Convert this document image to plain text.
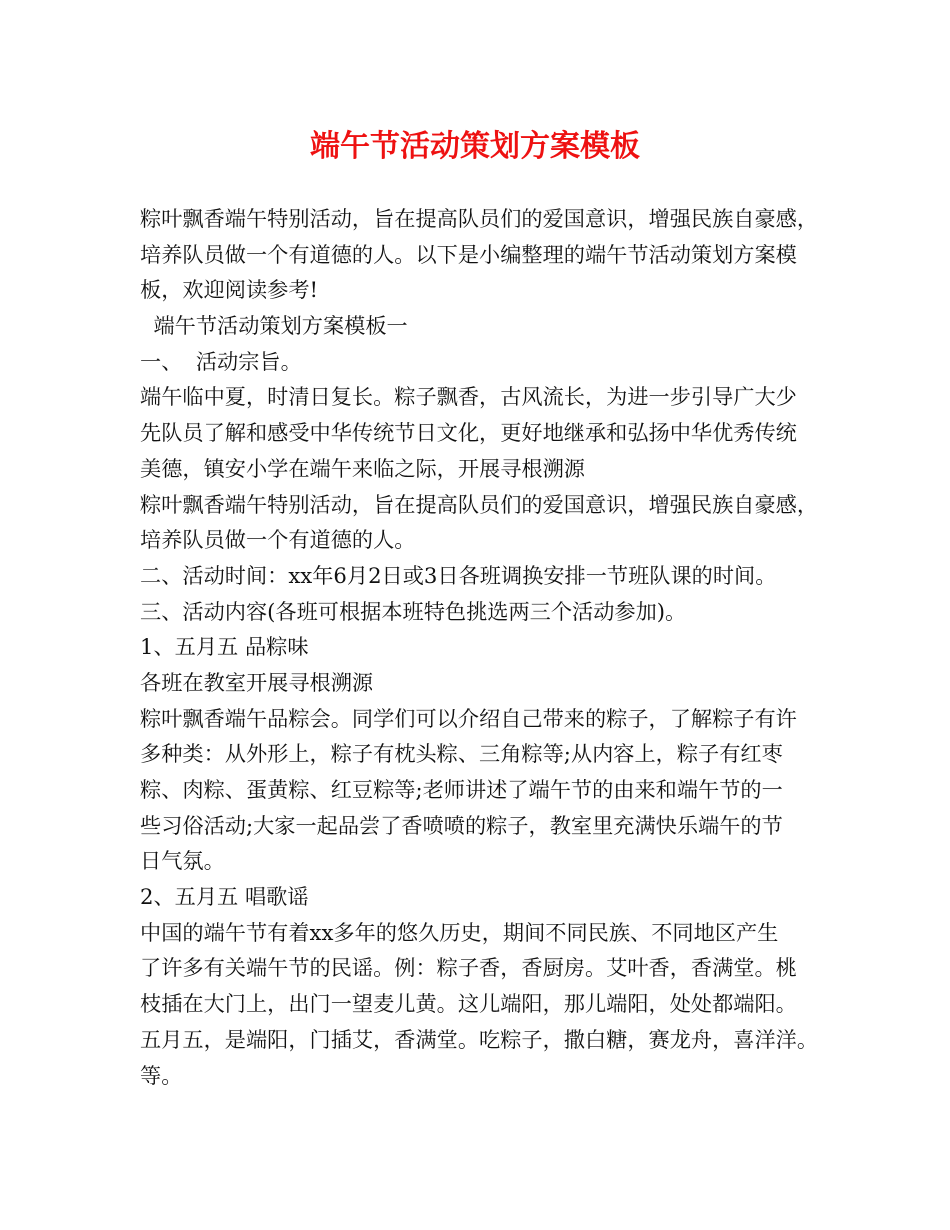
端午节活动策划方案模板
粽叶飘香端午特别活动，旨在提高队员们的爱国意识，增强民族自豪感，
培养队员做一个有道德的人。以下是小编整理的端午节活动策划方案模
板，欢迎阅读参考!
端午节活动策划方案模板一
一、  活动宗旨。
端午临中夏，时清日复长。粽子飘香，古风流长，为进一步引导广大少
先队员了解和感受中华传统节日文化，更好地继承和弘扬中华优秀传统
美德，镇安小学在端午来临之际，开展寻根溯源
粽叶飘香端午特别活动，旨在提高队员们的爱国意识，增强民族自豪感，
培养队员做一个有道德的人。
二、活动时间：xx年6月2日或3日各班调换安排一节班队课的时间。
三、活动内容(各班可根据本班特色挑选两三个活动参加)。
1、五月五 品粽味
各班在教室开展寻根溯源
粽叶飘香端午品粽会。同学们可以介绍自己带来的粽子，了解粽子有许
多种类：从外形上，粽子有枕头粽、三角粽等;从内容上，粽子有红枣
粽、肉粽、蛋黄粽、红豆粽等;老师讲述了端午节的由来和端午节的一
些习俗活动;大家一起品尝了香喷喷的粽子，教室里充满快乐端午的节
日气氛。
2、五月五 唱歌谣
中国的端午节有着xx多年的悠久历史，期间不同民族、不同地区产生
了许多有关端午节的民谣。例：粽子香，香厨房。艾叶香，香满堂。桃
枝插在大门上，出门一望麦儿黄。这儿端阳，那儿端阳，处处都端阳。
五月五，是端阳，门插艾，香满堂。吃粽子，撒白糖，赛龙舟，喜洋洋。
等。
